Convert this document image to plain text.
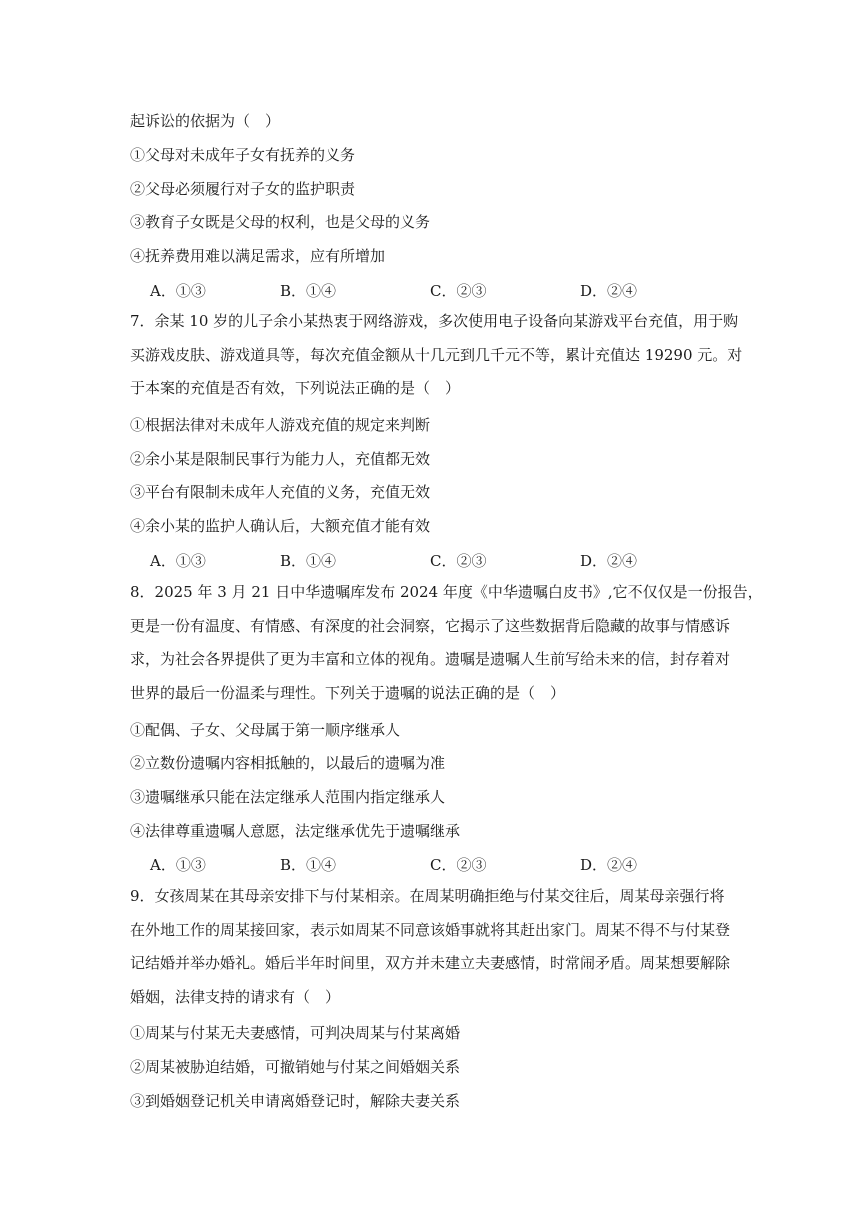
起诉讼的依据为（　）
①父母对未成年子女有抚养的义务
②父母必须履行对子女的监护职责
③教育子女既是父母的权利，也是父母的义务
④抚养费用难以满足需求，应有所增加
A．①③	B．①④	C．②③	D．②④
7．余某 10 岁的儿子余小某热衷于网络游戏，多次使用电子设备向某游戏平台充值，用于购
买游戏皮肤、游戏道具等，每次充值金额从十几元到几千元不等，累计充值达 19290 元。对
于本案的充值是否有效，下列说法正确的是（　）
①根据法律对未成年人游戏充值的规定来判断
②余小某是限制民事行为能力人，充值都无效
③平台有限制未成年人充值的义务，充值无效
④余小某的监护人确认后，大额充值才能有效
A．①③	B．①④	C．②③	D．②④
8．2025 年 3 月 21 日中华遗嘱库发布 2024 年度《中华遗嘱白皮书》,它不仅仅是一份报告，
更是一份有温度、有情感、有深度的社会洞察，它揭示了这些数据背后隐藏的故事与情感诉
求，为社会各界提供了更为丰富和立体的视角。遗嘱是遗嘱人生前写给未来的信，封存着对
世界的最后一份温柔与理性。下列关于遗嘱的说法正确的是（　）
①配偶、子女、父母属于第一顺序继承人
②立数份遗嘱内容相抵触的，以最后的遗嘱为准
③遗嘱继承只能在法定继承人范围内指定继承人
④法律尊重遗嘱人意愿，法定继承优先于遗嘱继承
A．①③	B．①④	C．②③	D．②④
9．女孩周某在其母亲安排下与付某相亲。在周某明确拒绝与付某交往后，周某母亲强行将
在外地工作的周某接回家，表示如周某不同意该婚事就将其赶出家门。周某不得不与付某登
记结婚并举办婚礼。婚后半年时间里，双方并未建立夫妻感情，时常闹矛盾。周某想要解除
婚姻，法律支持的请求有（　）
①周某与付某无夫妻感情，可判决周某与付某离婚
②周某被胁迫结婚，可撤销她与付某之间婚姻关系
③到婚姻登记机关申请离婚登记时，解除夫妻关系
